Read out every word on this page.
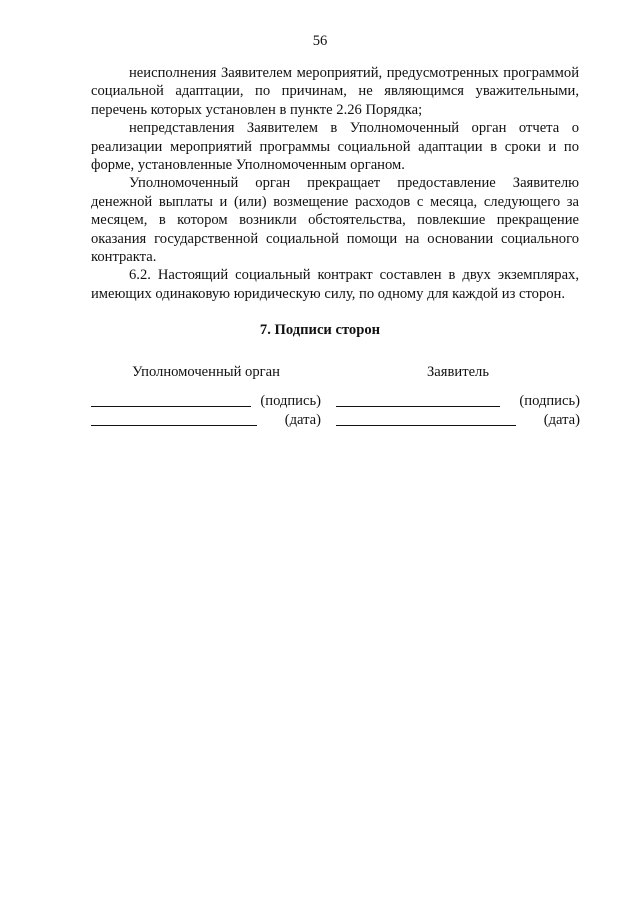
56

неисполнения Заявителем мероприятий, предусмотренных программой социальной адаптации, по причинам, не являющимся уважительными, перечень которых установлен в пункте 2.26 Порядка;

непредставления Заявителем в Уполномоченный орган отчета о реализации мероприятий программы социальной адаптации в сроки и по форме, установленные Уполномоченным органом.

Уполномоченный орган прекращает предоставление Заявителю денежной выплаты и (или) возмещение расходов с месяца, следующего за месяцем, в котором возникли обстоятельства, повлекшие прекращение оказания государственной социальной помощи на основании социального контракта.

6.2. Настоящий социальный контракт составлен в двух экземплярах, имеющих одинаковую юридическую силу, по одному для каждой из сторон.

7. Подписи сторон
Уполномоченный орган
(подпись)
(дата)
Заявитель
(подпись)
(дата)
